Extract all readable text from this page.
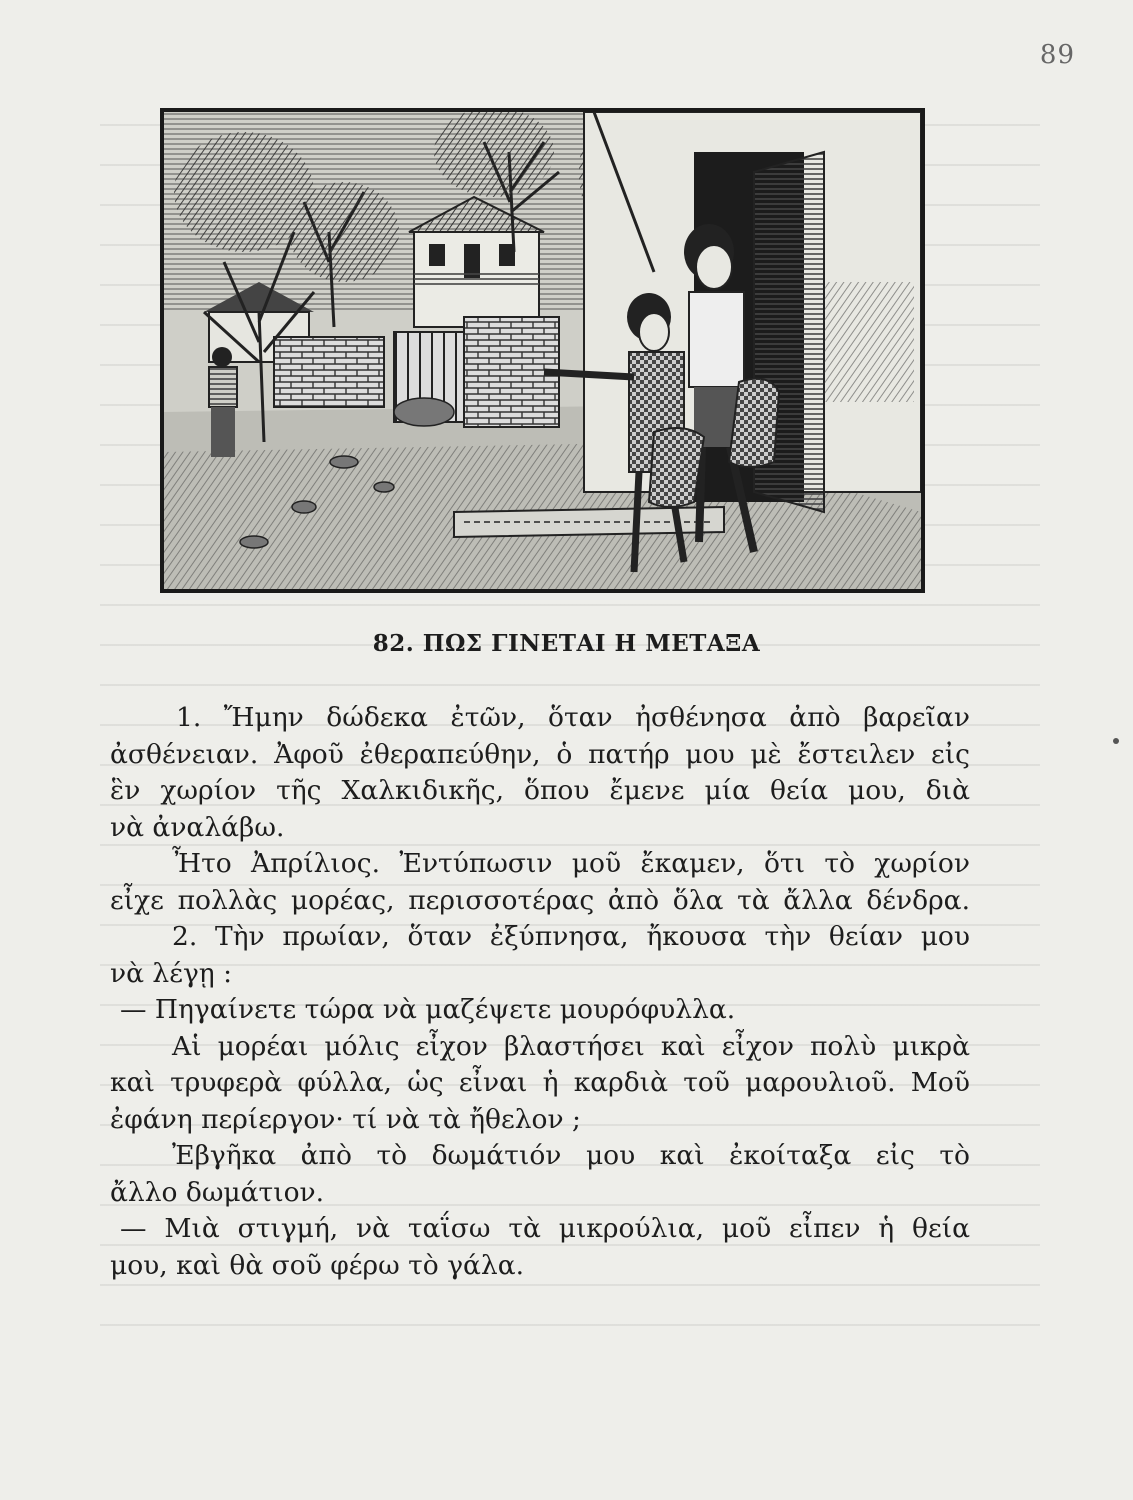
89
82. ΠΩΣ ΓΙΝΕΤΑΙ Η ΜΕΤΑΞΑ
1. Ἤμην δώδεκα ἐτῶν, ὅταν ἠσθένησα ἀπὸ βαρεῖαν
ἀσθένειαν. Ἀφοῦ ἐθεραπεύθην, ὁ πατήρ μου μὲ ἔστειλεν εἰς
ἓν χωρίον τῆς Χαλκιδικῆς, ὅπου ἔμενε μία θεία μου, διὰ
νὰ ἀναλάβω.
Ἦτο Ἀπρίλιος. Ἐντύπωσιν μοῦ ἔκαμεν, ὅτι τὸ χωρίον
εἶχε πολλὰς μορέας, περισσοτέρας ἀπὸ ὅλα τὰ ἄλλα δένδρα.
2. Τὴν πρωίαν, ὅταν ἐξύπνησα, ἤκουσα τὴν θείαν μου
νὰ λέγῃ :
— Πηγαίνετε τώρα νὰ μαζέψετε μουρόφυλλα.
Αἱ μορέαι μόλις εἶχον βλαστήσει καὶ εἶχον πολὺ μικρὰ
καὶ τρυφερὰ φύλλα, ὡς εἶναι ἡ καρδιὰ τοῦ μαρουλιοῦ. Μοῦ
ἐφάνη περίεργον· τί νὰ τὰ ἤθελον ;
Ἐβγῆκα ἀπὸ τὸ δωμάτιόν μου καὶ ἐκοίταξα εἰς τὸ
ἄλλο δωμάτιον.
— Μιὰ στιγμή, νὰ ταΐσω τὰ μικρούλια, μοῦ εἶπεν ἡ θεία
μου, καὶ θὰ σοῦ φέρω τὸ γάλα.
